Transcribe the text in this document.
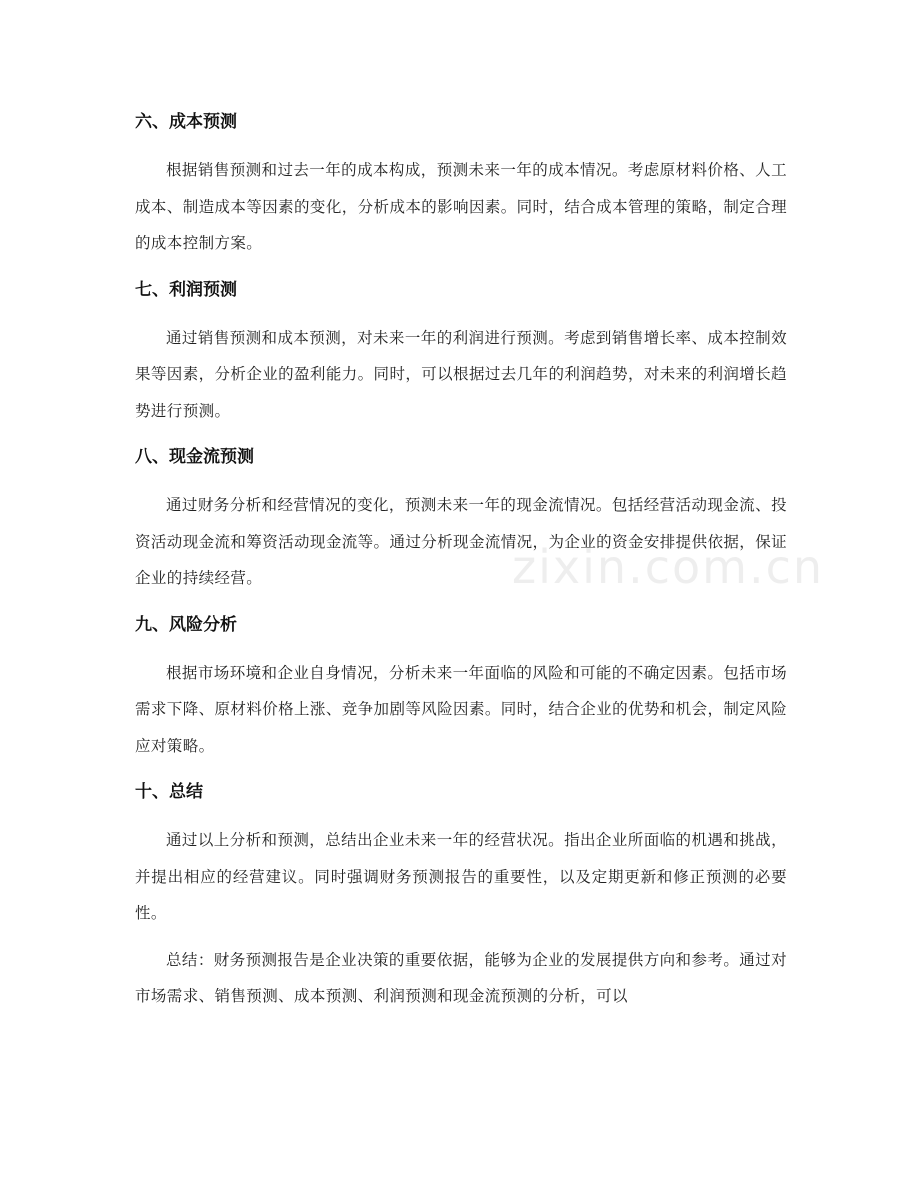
六、成本预测

根据销售预测和过去一年的成本构成，预测未来一年的成本情况。考虑原材料价格、人工成本、制造成本等因素的变化，分析成本的影响因素。同时，结合成本管理的策略，制定合理的成本控制方案。

七、利润预测

通过销售预测和成本预测，对未来一年的利润进行预测。考虑到销售增长率、成本控制效果等因素，分析企业的盈利能力。同时，可以根据过去几年的利润趋势，对未来的利润增长趋势进行预测。

八、现金流预测

通过财务分析和经营情况的变化，预测未来一年的现金流情况。包括经营活动现金流、投资活动现金流和筹资活动现金流等。通过分析现金流情况，为企业的资金安排提供依据，保证企业的持续经营。

九、风险分析

根据市场环境和企业自身情况，分析未来一年面临的风险和可能的不确定因素。包括市场需求下降、原材料价格上涨、竞争加剧等风险因素。同时，结合企业的优势和机会，制定风险应对策略。

十、总结

通过以上分析和预测，总结出企业未来一年的经营状况。指出企业所面临的机遇和挑战，并提出相应的经营建议。同时强调财务预测报告的重要性，以及定期更新和修正预测的必要性。

总结：财务预测报告是企业决策的重要依据，能够为企业的发展提供方向和参考。通过对市场需求、销售预测、成本预测、利润预测和现金流预测的分析，可以

zixin.com.cn
